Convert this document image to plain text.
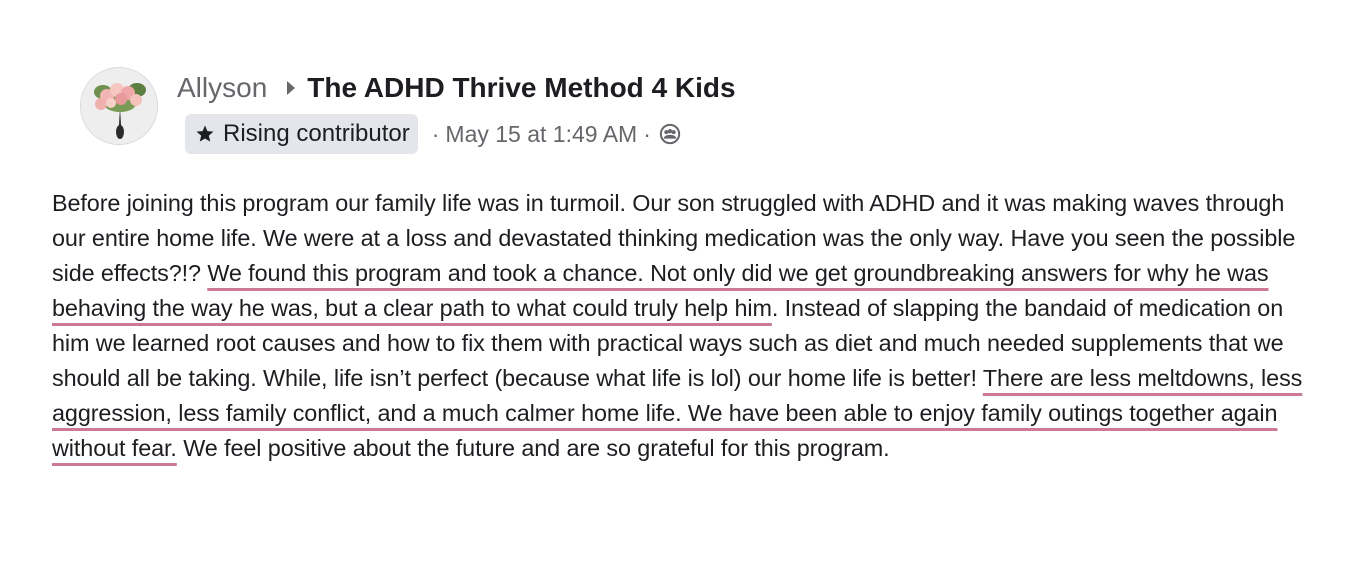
Allyson The ADHD Thrive Method 4 Kids
Rising contributor · May 15 at 1:49 AM ·
Before joining this program our family life was in turmoil. Our son struggled with ADHD and it was making waves through our entire home life. We were at a loss and devastated thinking medication was the only way. Have you seen the possible side effects?!? We found this program and took a chance. Not only did we get groundbreaking answers for why he was behaving the way he was, but a clear path to what could truly help him. Instead of slapping the bandaid of medication on him we learned root causes and how to fix them with practical ways such as diet and much needed supplements that we should all be taking. While, life isn’t perfect (because what life is lol) our home life is better! There are less meltdowns, less aggression, less family conflict, and a much calmer home life. We have been able to enjoy family outings together again without fear. We feel positive about the future and are so grateful for this program.
